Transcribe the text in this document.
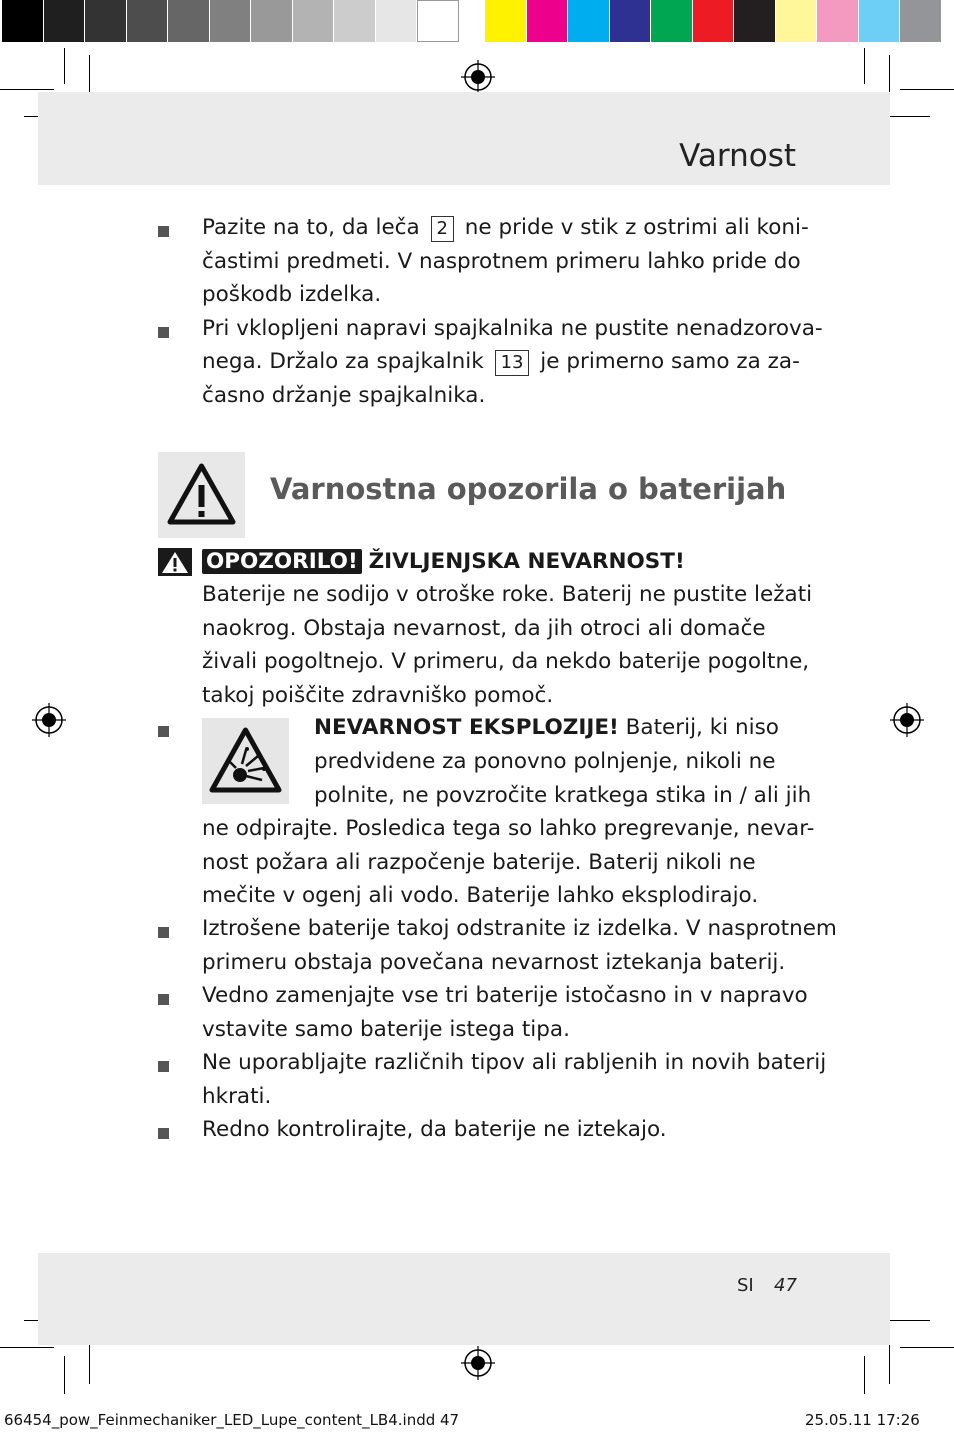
Varnost
Pazite na to, da leča 2 ne pride v stik z ostrimi ali koni-
častimi predmeti. V nasprotnem primeru lahko pride do
poškodb izdelka.
Pri vklopljeni napravi spajkalnika ne pustite nenadzorova-
nega. Držalo za spajkalnik 13 je primerno samo za za-
časno držanje spajkalnika.
Varnostna opozorila o baterijah
OPOZORILO! ŽIVLJENJSKA NEVARNOST!
Baterije ne sodijo v otroške roke. Baterij ne pustite ležati
naokrog. Obstaja nevarnost, da jih otroci ali domače
živali pogoltnejo. V primeru, da nekdo baterije pogoltne,
takoj poiščite zdravniško pomoč.
NEVARNOST EKSPLOZIJE! Baterij, ki niso
predvidene za ponovno polnjenje, nikoli ne
polnite, ne povzročite kratkega stika in / ali jih
ne odpirajte. Posledica tega so lahko pregrevanje, nevar-
nost požara ali razpočenje baterije. Baterij nikoli ne
mečite v ogenj ali vodo. Baterije lahko eksplodirajo.
Iztrošene baterije takoj odstranite iz izdelka. V nasprotnem
primeru obstaja povečana nevarnost iztekanja baterij.
Vedno zamenjajte vse tri baterije istočasno in v napravo
vstavite samo baterije istega tipa.
Ne uporabljajte različnih tipov ali rabljenih in novih baterij
hkrati.
Redno kontrolirajte, da baterije ne iztekajo.
SI 47
66454_pow_Feinmechaniker_LED_Lupe_content_LB4.indd 47	25.05.11 17:26
